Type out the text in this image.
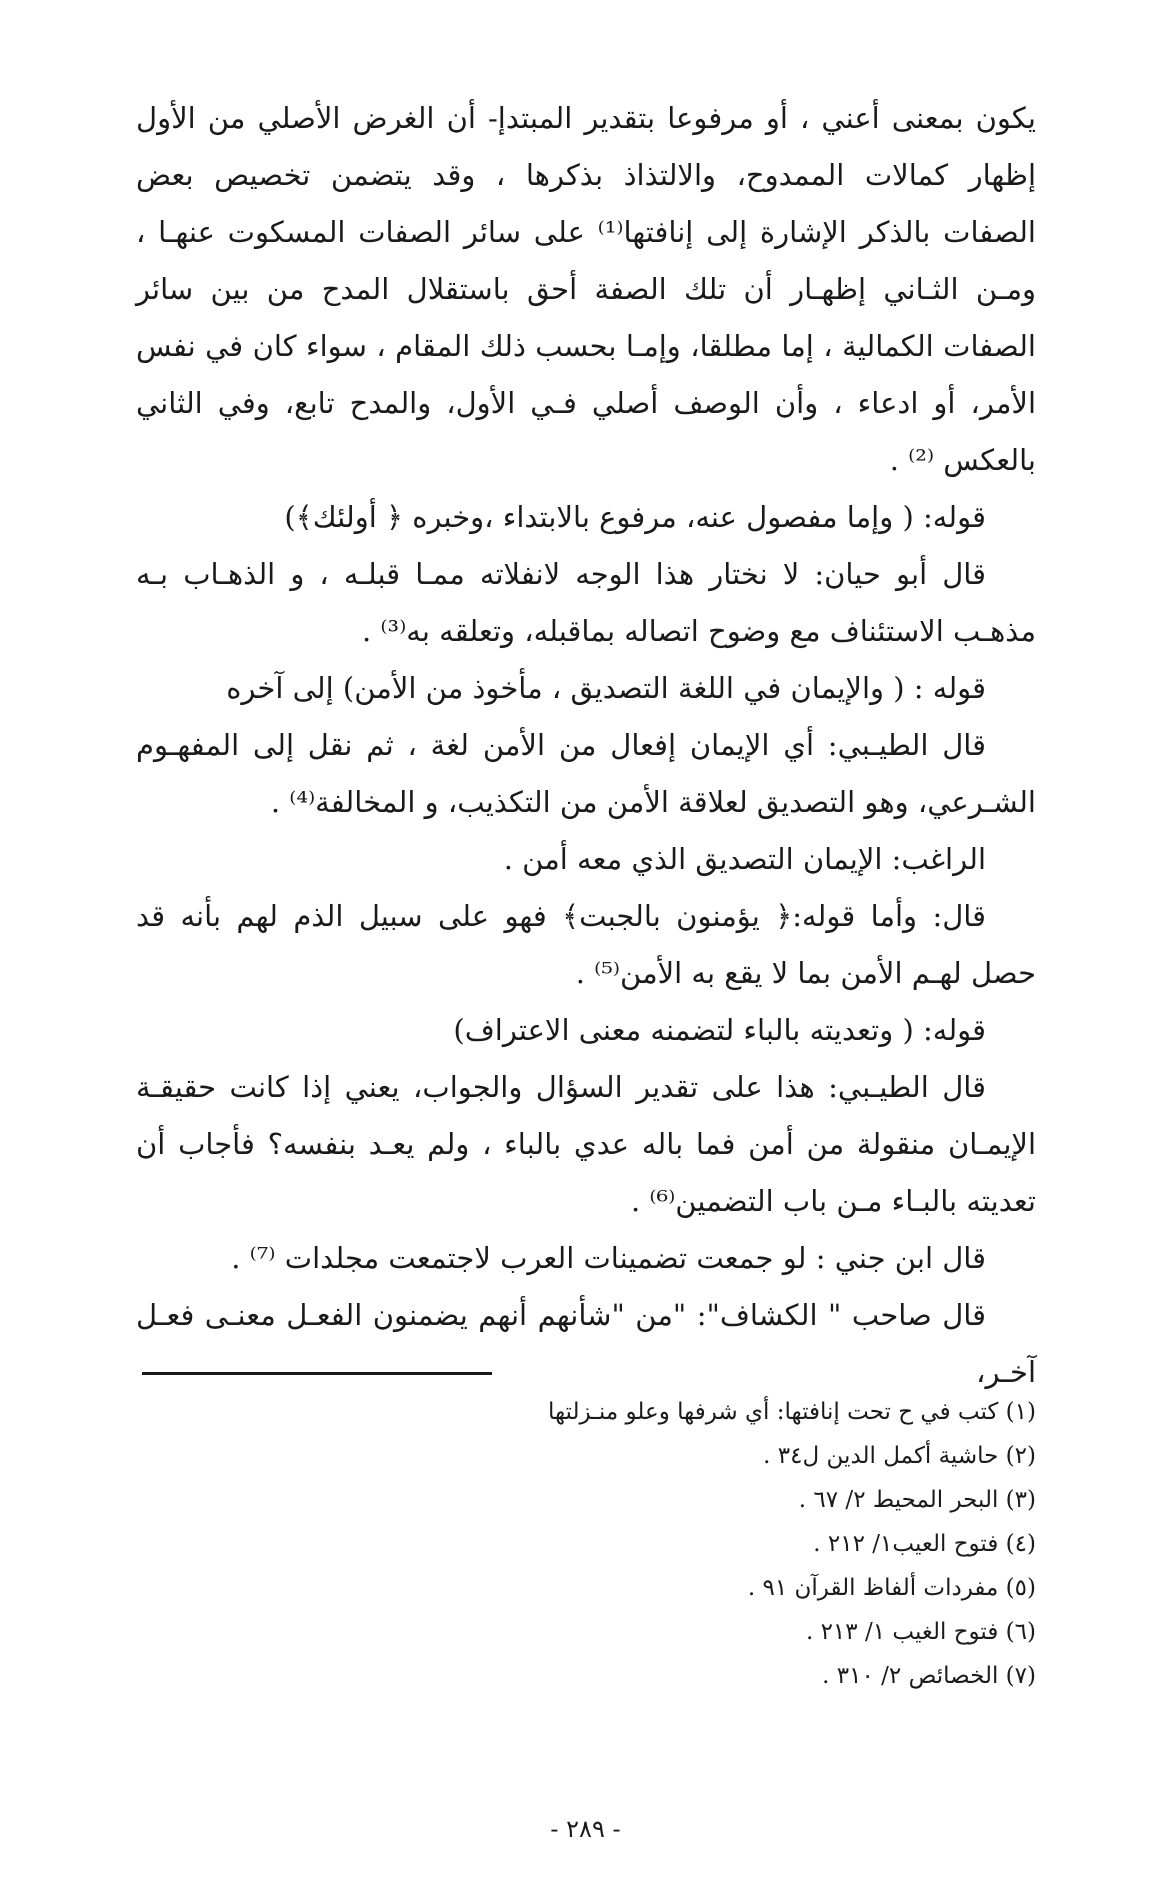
يكون بمعنى أعني ، أو مرفوعا بتقدير المبتدإ- أن الغرض الأصلي من الأول إظهار كمالات الممدوح، والالتذاذ بذكرها ، وقد يتضمن تخصيص بعض الصفات بالذكر الإشارة إلى إنافتها⁽¹⁾ على سائر الصفات المسكوت عنهـا ، ومـن الثـاني إظهـار أن تلك الصفة أحق باستقلال المدح من بين سائر الصفات الكمالية ، إما مطلقا، وإمـا بحسب ذلك المقام ، سواء كان في نفس الأمر، أو ادعاء ، وأن الوصف أصلي فـي الأول، والمدح تابع، وفي الثاني بالعكس ⁽²⁾ .

قوله: ( وإما مفصول عنه، مرفوع بالابتداء ،وخبره ﴿ أولئك﴾)

قال أبو حيان: لا نختار هذا الوجه لانفلاته ممـا قبلـه ، و الذهـاب بـه مذهـب الاستئناف مع وضوح اتصاله بماقبله، وتعلقه به⁽³⁾ .

قوله : ( والإيمان في اللغة التصديق ، مأخوذ من الأمن) إلى آخره

قال الطيـبي: أي الإيمان إفعال من الأمن لغة ، ثم نقل إلى المفهـوم الشـرعي، وهو التصديق لعلاقة الأمن من التكذيب، و المخالفة⁽⁴⁾ .

الراغب: الإيمان التصديق الذي معه أمن .

قال: وأما قوله:﴿ يؤمنون بالجبت﴾ فهو على سبيل الذم لهم بأنه قد حصل لهـم الأمن بما لا يقع به الأمن⁽⁵⁾ .

قوله: ( وتعديته بالباء لتضمنه معنى الاعتراف)

قال الطيـبي: هذا على تقدير السؤال والجواب، يعني إذا كانت حقيقـة الإيمـان منقولة من أمن فما باله عدي بالباء ، ولم يعـد بنفسه؟ فأجاب أن تعديته بالبـاء مـن باب التضمين⁽⁶⁾ .

قال ابن جني : لو جمعت تضمينات العرب لاجتمعت مجلدات ⁽⁷⁾ .

قال صاحب " الكشاف": "من "شأنهم أنهم يضمنون الفعـل معنـى فعـل آخـر،

(١) كتب في ح تحت إنافتها: أي شرفها وعلو منـزلتها

(٢) حاشية أكمل الدين ل٣٤ .

(٣) البحر المحيط ٢/ ٦٧ .

(٤) فتوح العيب١/ ٢١٢ .

(٥) مفردات ألفاظ القرآن ٩١ .

(٦) فتوح الغيب ١/ ٢١٣ .

(٧) الخصائص ٢/ ٣١٠ .

- ٢٨٩ -
